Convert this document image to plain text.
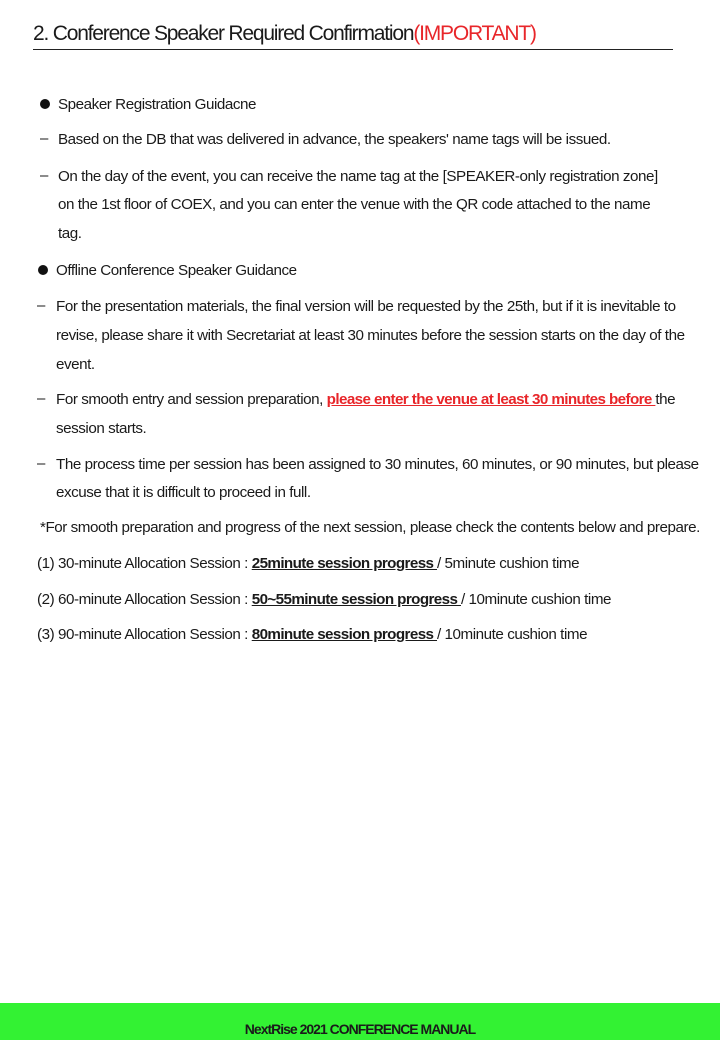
2. Conference Speaker Required Confirmation(IMPORTANT)
Speaker Registration Guidacne
– Based on the DB that was delivered in advance, the speakers' name tags will be issued.
– On the day of the event, you can receive the name tag at the [SPEAKER-only registration zone]
on the 1st floor of COEX, and you can enter the venue with the QR code attached to the name
tag.
Offline Conference Speaker Guidance
– For the presentation materials, the final version will be requested by the 25th, but if it is inevitable to
revise, please share it with Secretariat at least 30 minutes before the session starts on the day of the
event.
– For smooth entry and session preparation, please enter the venue at least 30 minutes before the
session starts.
– The process time per session has been assigned to 30 minutes, 60 minutes, or 90 minutes, but please
excuse that it is difficult to proceed in full.
*For smooth preparation and progress of the next session, please check the contents below and prepare.
(1) 30-minute Allocation Session : 25minute session progress / 5minute cushion time
(2) 60-minute Allocation Session : 50~55minute session progress / 10minute cushion time
(3) 90-minute Allocation Session : 80minute session progress / 10minute cushion time
NextRise 2021 CONFERENCE MANUAL
